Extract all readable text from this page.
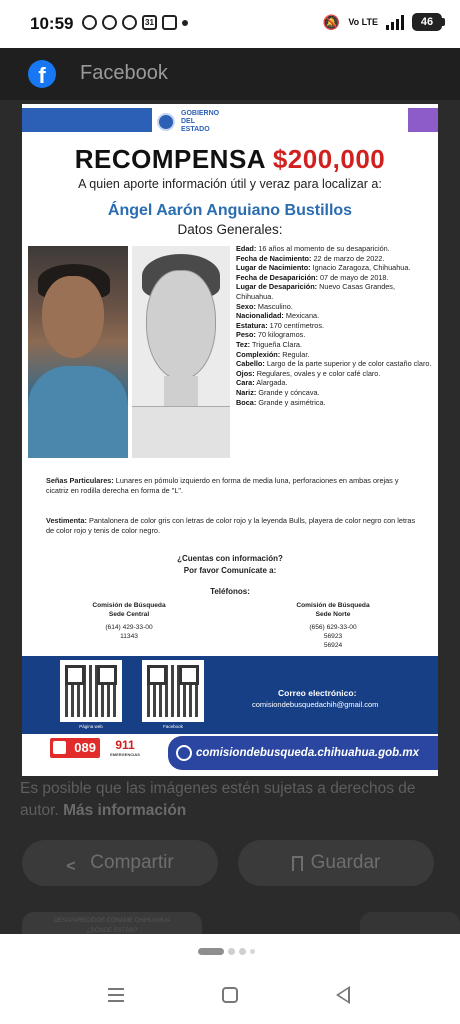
10:59	31	🔕 Vo LTE	46
f	Facebook
GOBIERNO DEL ESTADO
RECOMPENSA $200,000
A quien aporte información útil y veraz para localizar a:
Ángel Aarón Anguiano Bustillos
Datos Generales:
Edad: 16 años al momento de su desaparición.
Fecha de Nacimiento: 22 de marzo de 2022.
Lugar de Nacimiento: Ignacio Zaragoza, Chihuahua.
Fecha de Desaparición: 07 de mayo de 2018.
Lugar de Desaparición: Nuevo Casas Grandes, Chihuahua.
Sexo: Masculino.
Nacionalidad: Mexicana.
Estatura: 170 centímetros.
Peso: 70 kilogramos.
Tez: Trigueña Clara.
Complexión: Regular.
Cabello: Largo de la parte superior y de color castaño claro.
Ojos: Regulares, ovales y e color café claro.
Cara: Alargada.
Nariz: Grande y cóncava.
Boca: Grande y asimétrica.
Señas Particulares: Lunares en pómulo izquierdo en forma de media luna, perforaciones en ambas orejas y cicatriz en rodilla derecha en forma de "L".
Vestimenta: Pantalonera de color gris con letras de color rojo y la leyenda Bulls, playera de color negro con letras de color rojo y tenis de color negro.
¿Cuentas con información?
Por favor Comunícate a:
Teléfonos:
Comisión de Búsqueda
Sede Central
(614) 429-33-00
11343
Comisión de Búsqueda
Sede Norte
(656) 629-33-00
56923
56924
Página web	Facebook
Correo electrónico:
comisiondebusquedachih@gmail.com
089	911
EMERGENCIAS	comisiondebusqueda.chihuahua.gob.mx
Es posible que las imágenes estén sujetas a derechos de autor. Más información
<
Compartir	Guardar
DESAPARECIDOS CONAME CHIHUAHUA
¿DÓNDE ESTÁN?
